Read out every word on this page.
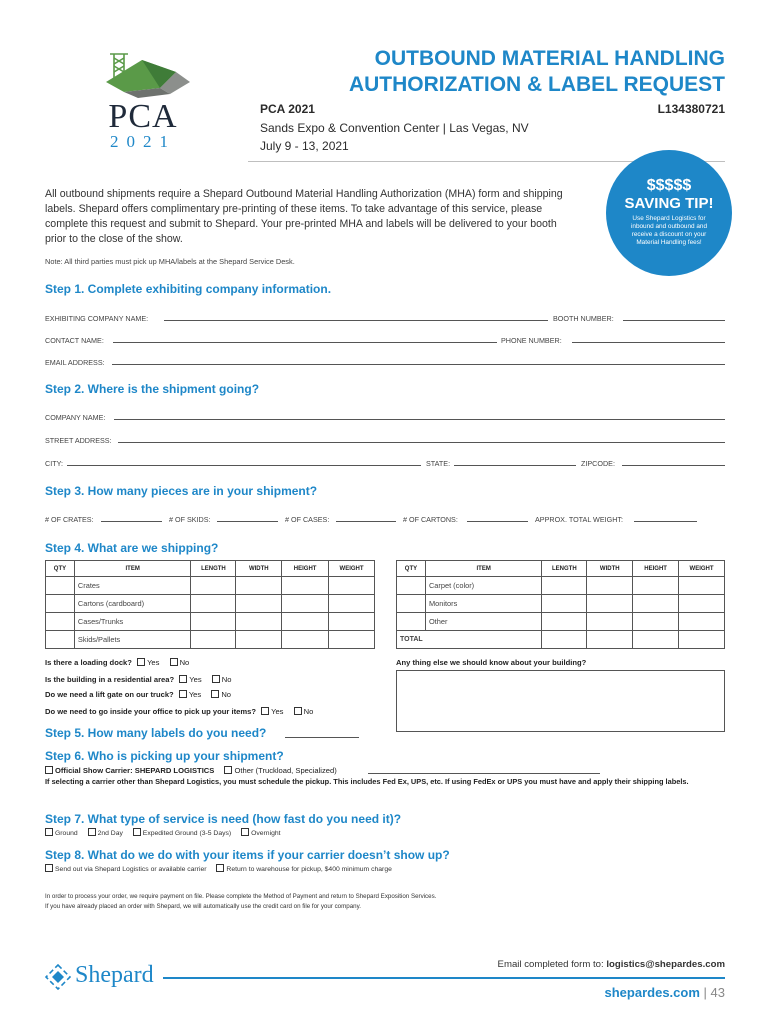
PCA
2021
OUTBOUND MATERIAL HANDLING
AUTHORIZATION & LABEL REQUEST
PCA 2021	L134380721
Sands Expo & Convention Center | Las Vegas, NV
July 9 - 13, 2021
All outbound shipments require a Shepard Outbound Material Handling Authorization (MHA) form and shipping labels. Shepard offers complimentary pre-printing of these items. To take advantage of this service, please complete this request and submit to Shepard. Your pre-printed MHA and labels will be delivered to your booth prior to the close of the show.
Note: All third parties must pick up MHA/labels at the Shepard Service Desk.
$$$$$
SAVING TIP!
Use Shepard Logistics for inbound and outbound and receive a discount on your Material Handling fees!
Step 1. Complete exhibiting company information.
EXHIBITING COMPANY NAME:	BOOTH NUMBER:
CONTACT NAME:	PHONE NUMBER:
EMAIL ADDRESS:
Step 2. Where is the shipment going?
COMPANY NAME:
STREET ADDRESS:
CITY:	STATE:	ZIPCODE:
Step 3. How many pieces are in your shipment?
# OF CRATES:	# OF SKIDS:	# OF CASES:	# OF CARTONS:	APPROX. TOTAL WEIGHT:
Step 4. What are we shipping?
QTY	ITEM	LENGTH	WIDTH	HEIGHT	WEIGHT
	Crates				
	Cartons (cardboard)				
	Cases/Trunks				
	Skids/Pallets				
QTY	ITEM	LENGTH	WIDTH	HEIGHT	WEIGHT
	Carpet (color)				
	Monitors				
	Other				
TOTAL					
Is there a loading dock? Yes	No
Is the building in a residential area? Yes	No
Do we need a lift gate on our truck? Yes	No
Do we need to go inside your office to pick up your items? Yes	No
Any thing else we should know about your building?
Step 5. How many labels do you need?
Step 6. Who is picking up your shipment?
Official Show Carrier: SHEPARD LOGISTICS	Other (Truckload, Specialized)
If selecting a carrier other than Shepard Logistics, you must schedule the pickup. This includes Fed Ex, UPS, etc. If using FedEx or UPS you must have and apply their shipping labels.
Step 7. What type of service is need (how fast do you need it)?
Ground	2nd Day	Expedited Ground (3-5 Days)	Overnight
Step 8. What do we do with your items if your carrier doesn’t show up?
Send out via Shepard Logistics or available carrier	Return to warehouse for pickup, $400 minimum charge
In order to process your order, we require payment on file. Please complete the Method of Payment and return to Shepard Exposition Services.
If you have already placed an order with Shepard, we will automatically use the credit card on file for your company.
Shepard	Email completed form to: logistics@shepardes.com
shepardes.com | 43
